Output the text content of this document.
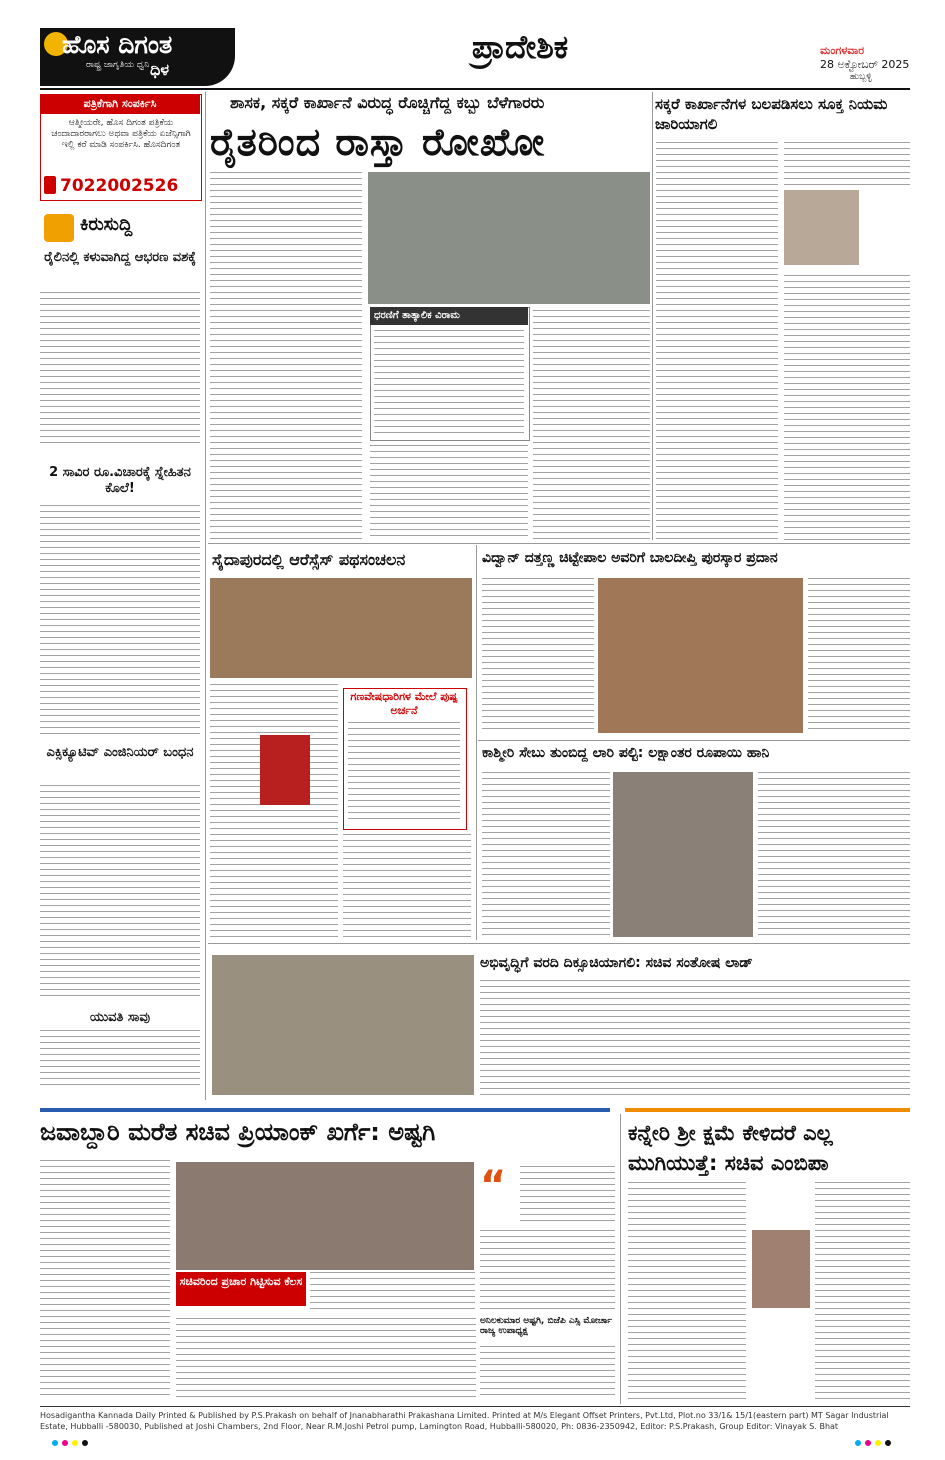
ಹೊಸ ದಿಗಂತ
ರಾಷ್ಟ್ರ ಜಾಗೃತಿಯ ಧ್ವನಿ ಧಿಳ
ಪ್ರಾದೇಶಿಕ	ಮಂಗಳವಾರ
28 ಅಕ್ಟೋಬರ್ 2025
ಹುಬ್ಬಳ್ಳಿ
ಪತ್ರಿಕೆಗಾಗಿ ಸಂಪರ್ಕಿಸಿ
ಆತ್ಮೀಯರೇ, ಹೊಸ ದಿಗಂತ ಪತ್ರಿಕೆಯ ಚಂದಾದಾರರಾಗಲು ಅಥವಾ ಪತ್ರಿಕೆಯ ಏಜೆನ್ಸಿಗಾಗಿ ಇಲ್ಲಿ ಕರೆ ಮಾಡಿ ಸಂಪರ್ಕಿಸಿ. ಹೊಸದಿಗಂತ
7022002526
ಕಿರುಸುದ್ದಿ
ರೈಲಿನಲ್ಲಿ ಕಳುವಾಗಿದ್ದ ಆಭರಣ ವಶಕ್ಕೆ
2 ಸಾವಿರ ರೂ.ವಿಚಾರಕ್ಕೆ ಸ್ನೇಹಿತನ ಕೊಲೆ!
ಎಕ್ಸಿಕ್ಯೂಟಿವ್ ಎಂಜಿನಿಯರ್ ಬಂಧನ
ಯುವತಿ ಸಾವು
ಶಾಸಕ, ಸಕ್ಕರೆ ಕಾರ್ಖಾನೆ ವಿರುದ್ಧ ರೊಚ್ಚಿಗೆದ್ದ ಕಬ್ಬು ಬೆಳೆಗಾರರು
ರೈತರಿಂದ ರಾಸ್ತಾ ರೋಖೋ
ಧರಣಿಗೆ ತಾತ್ಕಾಲಿಕ ವಿರಾಮ
ಸಕ್ಕರೆ ಕಾರ್ಖಾನೆಗಳ ಬಲಪಡಿಸಲು ಸೂಕ್ತ ನಿಯಮ ಜಾರಿಯಾಗಲಿ
ಸೈದಾಪುರದಲ್ಲಿ ಆರೆಸ್ಸೆಸ್ ಪಥಸಂಚಲನ
ಗಣವೇಷಧಾರಿಗಳ ಮೇಲೆ ಪುಷ್ಪ ಅರ್ಚನೆ
ವಿದ್ವಾನ್ ದತ್ತಣ್ಣ ಚಿಟ್ಟೇಪಾಲ ಅವರಿಗೆ ಬಾಲದೀಪ್ತಿ ಪುರಸ್ಕಾರ ಪ್ರದಾನ
ಕಾಶ್ಮೀರಿ ಸೇಬು ತುಂಬಿದ್ದ ಲಾರಿ ಪಲ್ಟಿ: ಲಕ್ಷಾಂತರ ರೂಪಾಯಿ ಹಾನಿ
ಅಭಿವೃದ್ಧಿಗೆ ವರದಿ ದಿಕ್ಸೂಚಿಯಾಗಲಿ: ಸಚಿವ ಸಂತೋಷ ಲಾಡ್
ಜವಾಬ್ದಾರಿ ಮರೆತ ಸಚಿವ ಪ್ರಿಯಾಂಕ್ ಖರ್ಗೆ: ಅಷ್ಟಗಿ
ಸಚಿವರಿಂದ ಪ್ರಚಾರ ಗಿಟ್ಟಿಸುವ ಕೆಲಸ
“
ಅನಿಲಕುಮಾರ ಅಷ್ಟಗಿ, ಬಿಜೆಪಿ ಎಸ್ಸಿ ಮೋರ್ಚಾ ರಾಜ್ಯ ಉಪಾಧ್ಯಕ್ಷ
ಕನ್ನೇರಿ ಶ್ರೀ ಕ್ಷಮೆ ಕೇಳಿದರೆ ಎಲ್ಲ ಮುಗಿಯುತ್ತೆ: ಸಚಿವ ಎಂಬಿಪಾ
Hosadigantha Kannada Daily Printed & Published by P.S.Prakash on behalf of Jnanabharathi Prakashana Limited. Printed at M/s Elegant Offset Printers, Pvt.Ltd, Plot.no 33/1& 15/1(eastern part) MT Sagar Industrial Estate, Hubballi -580030, Published at Joshi Chambers, 2nd Floor, Near R.M.Joshi Petrol pump, Lamington Road, Hubballi-580020, Ph: 0836-2350942, Editor: P.S.Prakash, Group Editor: Vinayak S. Bhat
